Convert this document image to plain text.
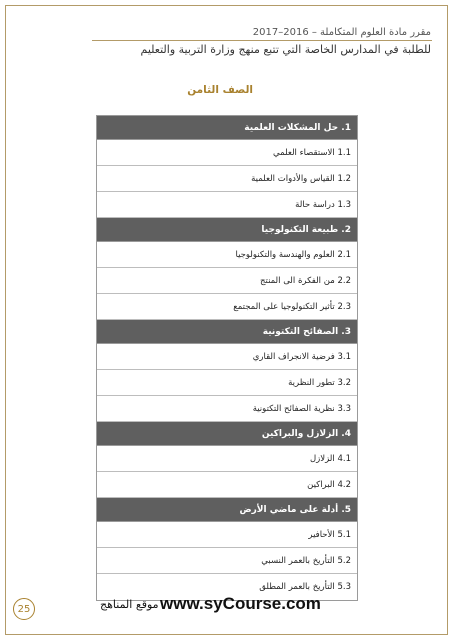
مقرر مادة العلوم المتكاملة – 2016–2017
للطلبة في المدارس الخاصة التي تتبع منهج وزارة التربية والتعليم
الصف الثامن
1. حل المشكلات العلمية
1.1 الاستقصاء العلمي
1.2 القياس والأدوات العلمية
1.3 دراسة حالة
2. طبيعة التكنولوجيا
2.1 العلوم والهندسة والتكنولوجيا
2.2 من الفكرة الى المنتج
2.3 تأثير التكنولوجيا على المجتمع
3. الصفائح التكتونية
3.1 فرضية الانجراف القاري
3.2 تطور النظرية
3.3 نظرية الصفائح التكتونية
4. الزلازل والبراكين
4.1 الزلازل
4.2 البراكين
5. أدلة على ماضي الأرض
5.1 الأحافير
5.2 التأريخ بالعمر النسبي
5.3 التأريخ بالعمر المطلق
25	www.syCourse.com
موقع المناهج
